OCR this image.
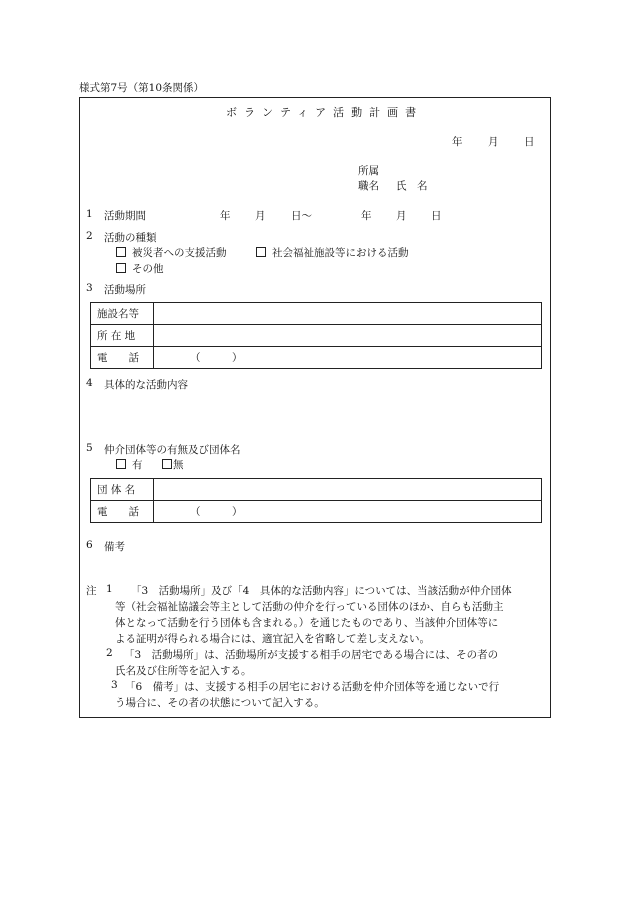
様式第7号（第10条関係）
ボランティア活動計画書
年 月 日
所属
職名 氏　名
1 活動期間	年 月 日〜	年 月 日
2 活動の種類
被災者への支援活動	社会福祉施設等における活動
その他
3 活動場所
施設名等	
所 在 地	
電　　話	（　　　）
4 具体的な活動内容
5 仲介団体等の有無及び団体名
有	無
団 体 名	
電　　話	（　　　）
6 備考
注 1 「3　活動場所」及び「4　具体的な活動内容」については、当該活動が仲介団体
等（社会福祉協議会等主として活動の仲介を行っている団体のほか、自らも活動主
体となって活動を行う団体も含まれる。）を通じたものであり、当該仲介団体等に
よる証明が得られる場合には、適宜記入を省略して差し支えない。
2 「3　活動場所」は、活動場所が支援する相手の居宅である場合には、その者の
氏名及び住所等を記入する。
3 「6　備考」は、支援する相手の居宅における活動を仲介団体等を通じないで行
う場合に、その者の状態について記入する。
